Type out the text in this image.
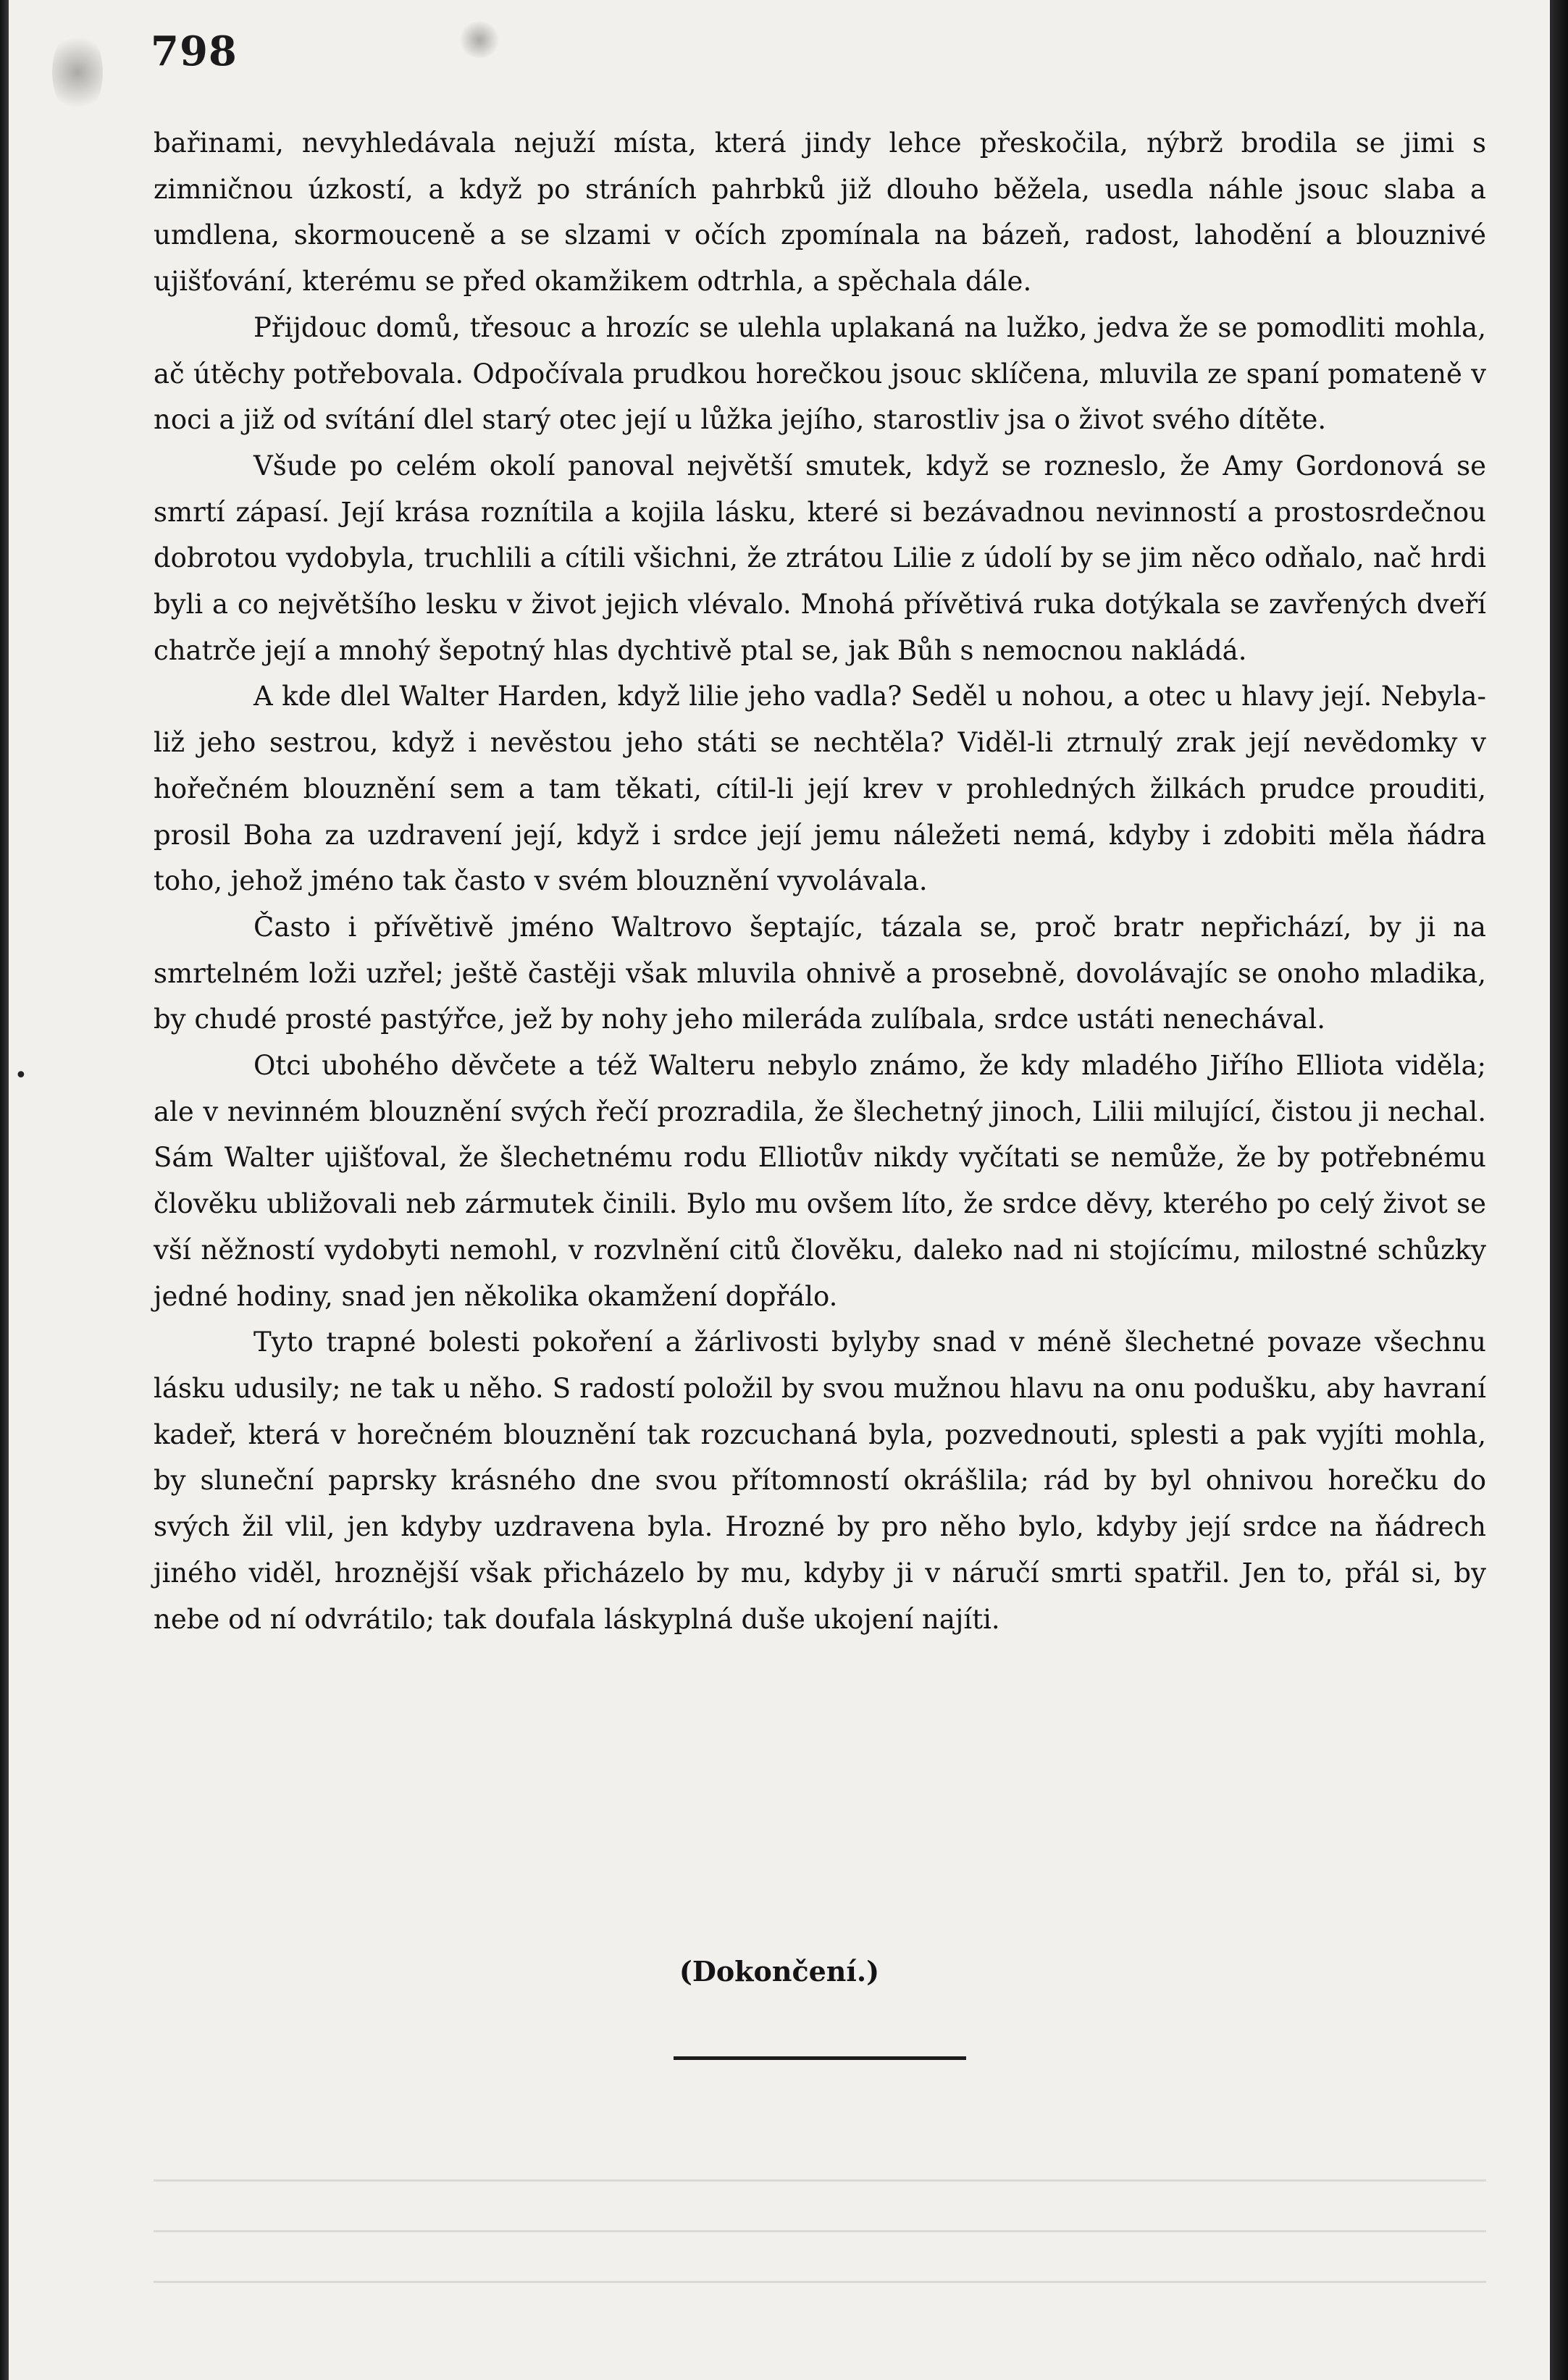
798

bařinami, nevyhledávala nejuží místa, která jindy lehce přeskočila, nýbrž brodila se jimi s zimničnou úzkostí, a když po stráních pahrbků již dlouho běžela, usedla náhle jsouc slaba a umdlena, skormouceně a se slzami v očích zpomínala na bázeň, radost, lahodění a blouznivé ujišťování, kterému se před okamžikem odtrhla, a spěchala dále.

Přijdouc domů, třesouc a hrozíc se ulehla uplakaná na lužko, jedva že se pomodliti mohla, ač útěchy potřebovala. Odpočívala prudkou horečkou jsouc sklíčena, mluvila ze spaní pomateně v noci a již od svítání dlel starý otec její u lůžka jejího, starostliv jsa o život svého dítěte.

Všude po celém okolí panoval největší smutek, když se rozneslo, že Amy Gordonová se smrtí zápasí. Její krása roznítila a kojila lásku, které si bezávadnou nevinností a prostosrdečnou dobrotou vydobyla, truchlili a cítili všichni, že ztrátou Lilie z údolí by se jim něco odňalo, nač hrdi byli a co největšího lesku v život jejich vlévalo. Mnohá přívětivá ruka dotýkala se zavřených dveří chatrče její a mnohý šepotný hlas dychtivě ptal se, jak Bůh s nemocnou nakládá.

A kde dlel Walter Harden, když lilie jeho vadla? Seděl u nohou, a otec u hlavy její. Nebyla-liž jeho sestrou, když i nevěstou jeho státi se nechtěla? Viděl-li ztrnulý zrak její nevědomky v hořečném blouznění sem a tam těkati, cítil-li její krev v prohledných žilkách prudce prouditi, prosil Boha za uzdravení její, když i srdce její jemu náležeti nemá, kdyby i zdobiti měla ňádra toho, jehož jméno tak často v svém blouznění vyvolávala.

Často i přívětivě jméno Waltrovo šeptajíc, tázala se, proč bratr nepřichází, by ji na smrtelném loži uzřel; ještě častěji však mluvila ohnivě a prosebně, dovolávajíc se onoho mladika, by chudé prosté pastýřce, jež by nohy jeho mileráda zulíbala, srdce ustáti nenechával.

Otci ubohého děvčete a též Walteru nebylo známo, že kdy mladého Jiřího Elliota viděla; ale v nevinném blouznění svých řečí prozradila, že šlechetný jinoch, Lilii milující, čistou ji nechal. Sám Walter ujišťoval, že šlechetnému rodu Elliotův nikdy vyčítati se nemůže, že by potřebnému člověku ubližovali neb zármutek činili. Bylo mu ovšem líto, že srdce děvy, kterého po celý život se vší něžností vydobyti nemohl, v rozvlnění citů člověku, daleko nad ni stojícímu, milostné schůzky jedné hodiny, snad jen několika okamžení dopřálo.

Tyto trapné bolesti pokoření a žárlivosti bylyby snad v méně šlechetné povaze všechnu lásku udusily; ne tak u něho. S radostí položil by svou mužnou hlavu na onu podušku, aby havraní kadeř, která v horečném blouznění tak rozcuchaná byla, pozvednouti, splesti a pak vyjíti mohla, by sluneční paprsky krásného dne svou přítomností okrášlila; rád by byl ohnivou horečku do svých žil vlil, jen kdyby uzdravena byla. Hrozné by pro něho bylo, kdyby její srdce na ňádrech jiného viděl, hroznější však přicházelo by mu, kdyby ji v náručí smrti spatřil. Jen to, přál si, by nebe od ní odvrátilo; tak doufala láskyplná duše ukojení najíti.

(Dokončení.)
•
